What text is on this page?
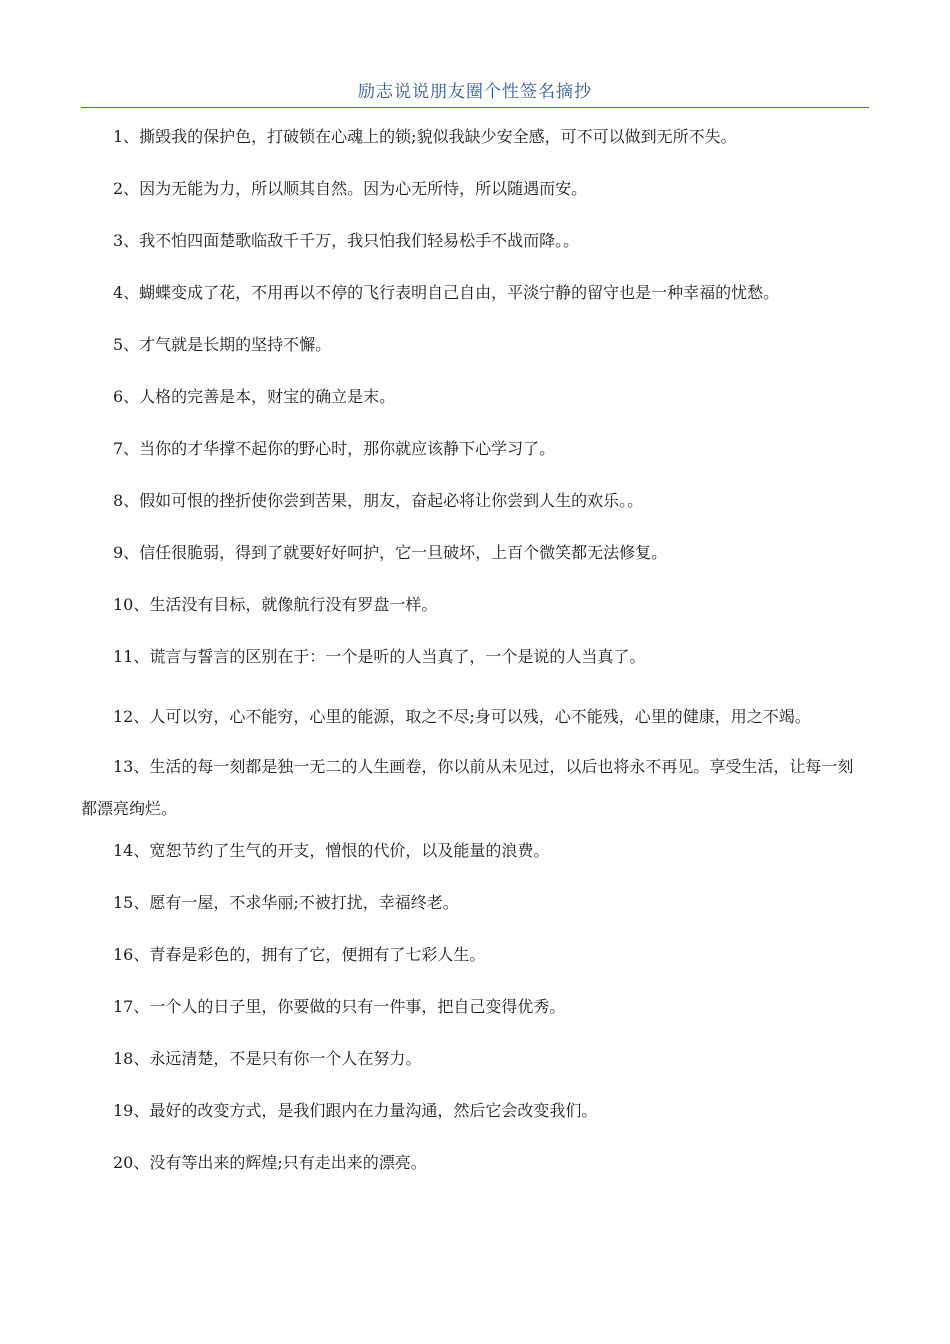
励志说说朋友圈个性签名摘抄

1、撕毁我的保护色，打破锁在心魂上的锁;貌似我缺少安全感，可不可以做到无所不失。

2、因为无能为力，所以顺其自然。因为心无所恃，所以随遇而安。

3、我不怕四面楚歌临敌千千万，我只怕我们轻易松手不战而降。。

4、蝴蝶变成了花，不用再以不停的飞行表明自己自由，平淡宁静的留守也是一种幸福的忧愁。

5、才气就是长期的坚持不懈。

6、人格的完善是本，财宝的确立是末。

7、当你的才华撑不起你的野心时，那你就应该静下心学习了。

8、假如可恨的挫折使你尝到苦果，朋友，奋起必将让你尝到人生的欢乐。。

9、信任很脆弱，得到了就要好好呵护，它一旦破坏，上百个微笑都无法修复。

10、生活没有目标，就像航行没有罗盘一样。

11、谎言与誓言的区别在于：一个是听的人当真了，一个是说的人当真了。

12、人可以穷，心不能穷，心里的能源，取之不尽;身可以残，心不能残，心里的健康，用之不竭。

13、生活的每一刻都是独一无二的人生画卷，你以前从未见过，以后也将永不再见。享受生活，让每一刻都漂亮绚烂。

14、宽恕节约了生气的开支，憎恨的代价，以及能量的浪费。

15、愿有一屋，不求华丽;不被打扰，幸福终老。

16、青春是彩色的，拥有了它，便拥有了七彩人生。

17、一个人的日子里，你要做的只有一件事，把自己变得优秀。

18、永远清楚，不是只有你一个人在努力。

19、最好的改变方式，是我们跟内在力量沟通，然后它会改变我们。

20、没有等出来的辉煌;只有走出来的漂亮。
